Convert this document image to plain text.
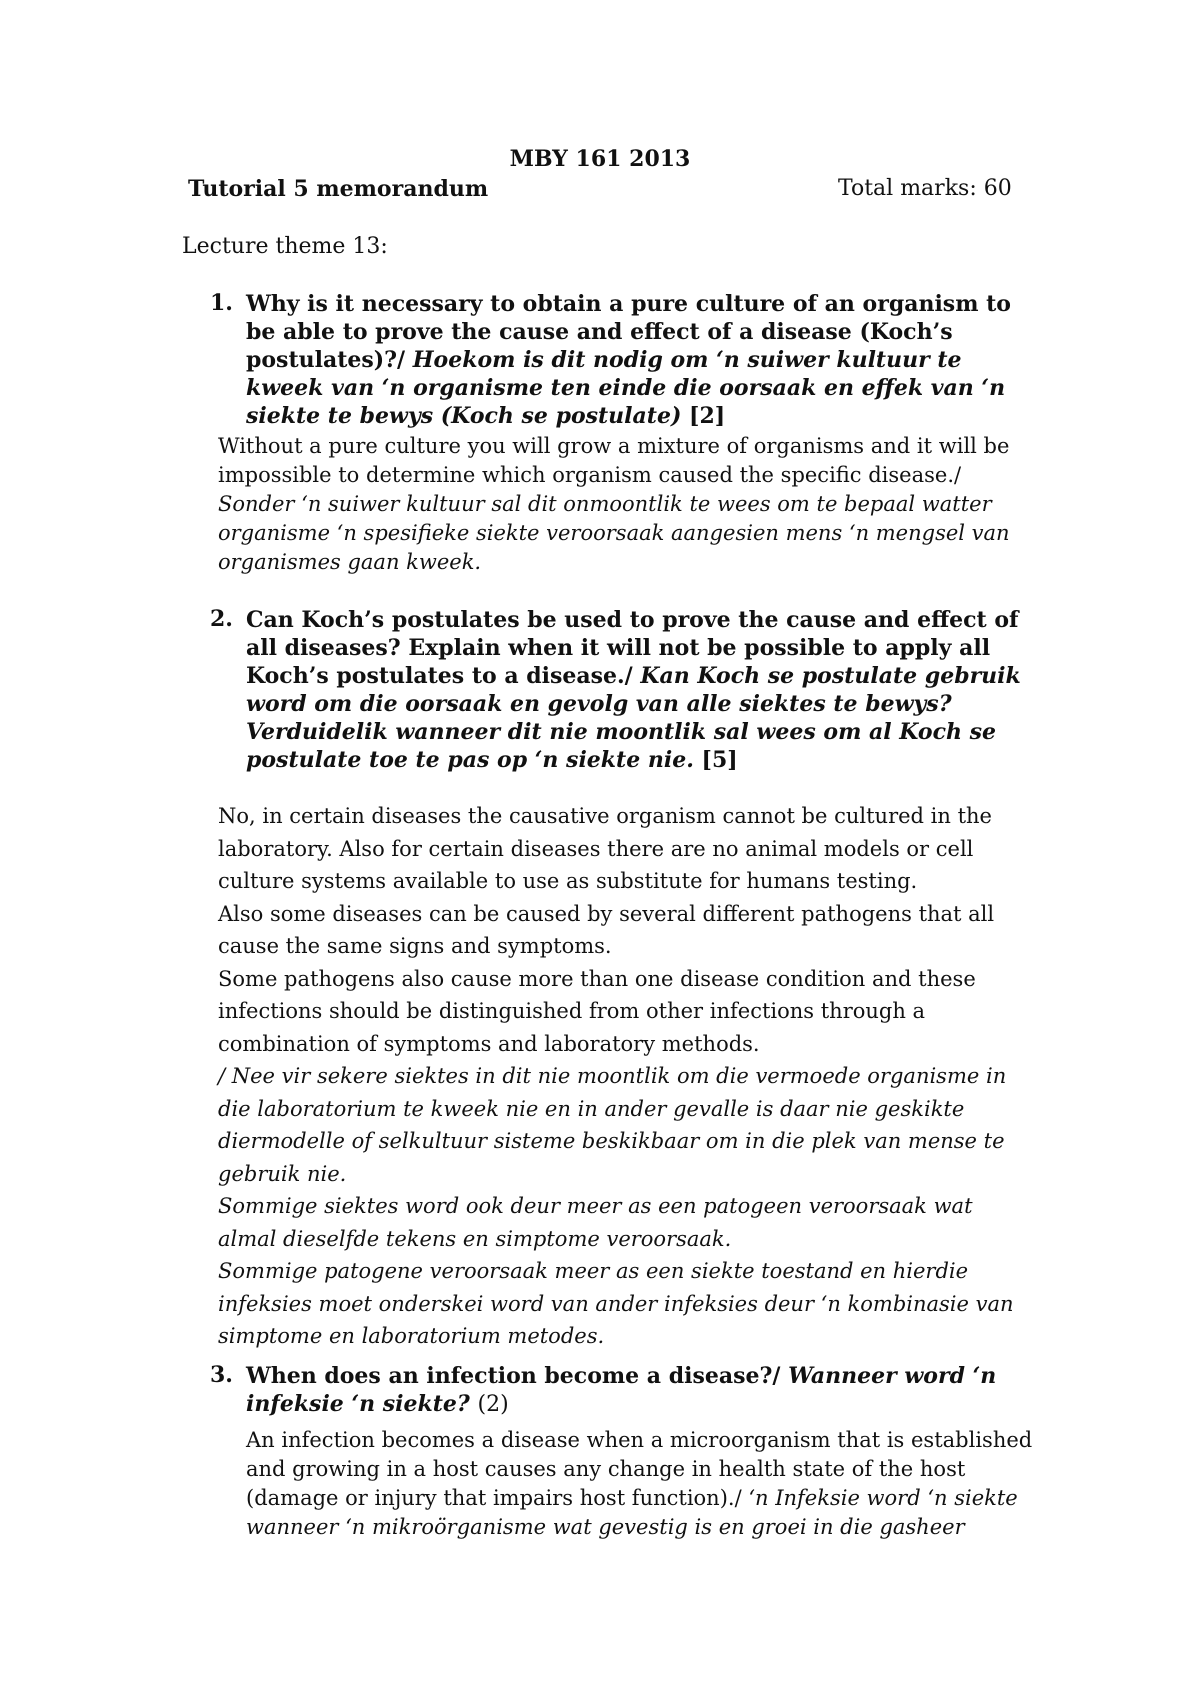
MBY 161 2013
Tutorial 5 memorandum	Total marks: 60
Lecture theme 13:
1. Why is it necessary to obtain a pure culture of an organism to be able to prove the cause and effect of a disease (Koch’s postulates)?/ Hoekom is dit nodig om ‘n suiwer kultuur te kweek van ‘n organisme ten einde die oorsaak en effek van ‘n siekte te bewys (Koch se postulate) [2]
Without a pure culture you will grow a mixture of organisms and it will be impossible to determine which organism caused the specific disease./ Sonder ‘n suiwer kultuur sal dit onmoontlik te wees om te bepaal watter organisme ‘n spesifieke siekte veroorsaak aangesien mens ‘n mengsel van organismes gaan kweek.
2. Can Koch’s postulates be used to prove the cause and effect of all diseases? Explain when it will not be possible to apply all Koch’s postulates to a disease./ Kan Koch se postulate gebruik word om die oorsaak en gevolg van alle siektes te bewys? Verduidelik wanneer dit nie moontlik sal wees om al Koch se postulate toe te pas op ‘n siekte nie. [5]

No, in certain diseases the causative organism cannot be cultured in the laboratory. Also for certain diseases there are no animal models or cell culture systems available to use as substitute for humans testing.

Also some diseases can be caused by several different pathogens that all cause the same signs and symptoms.

Some pathogens also cause more than one disease condition and these infections should be distinguished from other infections through a combination of symptoms and laboratory methods.

/ Nee vir sekere siektes in dit nie moontlik om die vermoede organisme in die laboratorium te kweek nie en in ander gevalle is daar nie geskikte diermodelle of selkultuur sisteme beskikbaar om in die plek van mense te gebruik nie.

Sommige siektes word ook deur meer as een patogeen veroorsaak wat almal dieselfde tekens en simptome veroorsaak.

Sommige patogene veroorsaak meer as een siekte toestand en hierdie infeksies moet onderskei word van ander infeksies deur ‘n kombinasie van simptome en laboratorium metodes.

3. When does an infection become a disease?/ Wanneer word ‘n infeksie ‘n siekte? (2)
An infection becomes a disease when a microorganism that is established and growing in a host causes any change in health state of the host (damage or injury that impairs host function)./ ‘n Infeksie word ‘n siekte wanneer ‘n mikroörganisme wat gevestig is en groei in die gasheer
